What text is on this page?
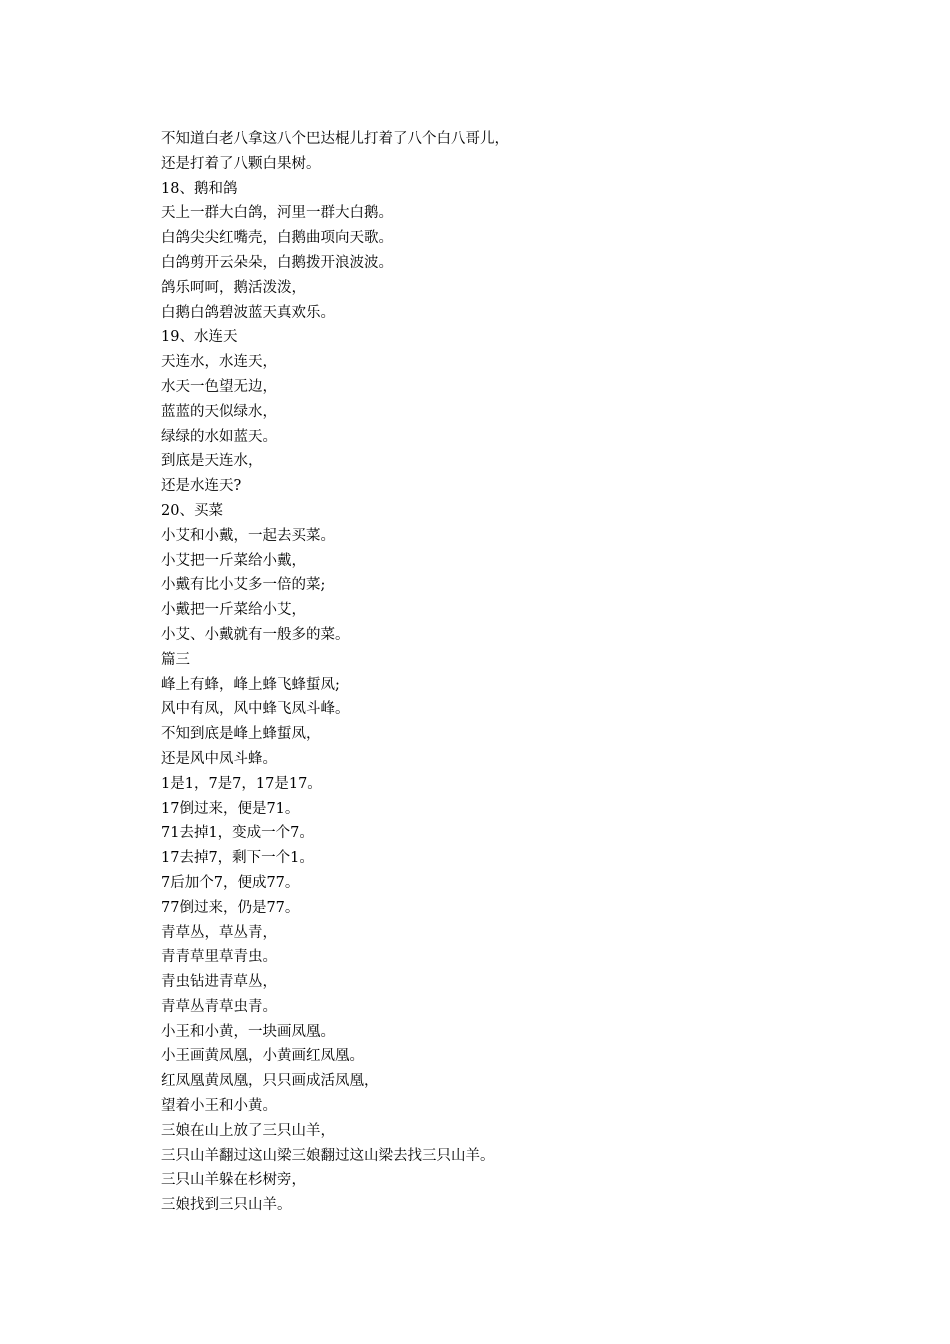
不知道白老八拿这八个巴达棍儿打着了八个白八哥儿，
还是打着了八颗白果树。
18、鹅和鸽
天上一群大白鸽，河里一群大白鹅。
白鸽尖尖红嘴壳，白鹅曲项向天歌。
白鸽剪开云朵朵，白鹅拨开浪波波。
鸽乐呵呵，鹅活泼泼，
白鹅白鸽碧波蓝天真欢乐。
19、水连天
天连水，水连天，
水天一色望无边，
蓝蓝的天似绿水，
绿绿的水如蓝天。
到底是天连水，
还是水连天?
20、买菜
小艾和小戴，一起去买菜。
小艾把一斤菜给小戴，
小戴有比小艾多一倍的菜;
小戴把一斤菜给小艾，
小艾、小戴就有一般多的菜。
篇三
峰上有蜂，峰上蜂飞蜂蜇凤;
风中有凤，风中蜂飞凤斗峰。
不知到底是峰上蜂蜇凤，
还是风中凤斗蜂。
1是1，7是7，17是17。
17倒过来，便是71。
71去掉1，变成一个7。
17去掉7，剩下一个1。
7后加个7，便成77。
77倒过来，仍是77。
青草丛，草丛青，
青青草里草青虫。
青虫钻进青草丛，
青草丛青草虫青。
小王和小黄，一块画凤凰。
小王画黄凤凰，小黄画红凤凰。
红凤凰黄凤凰，只只画成活凤凰，
望着小王和小黄。
三娘在山上放了三只山羊，
三只山羊翻过这山梁三娘翻过这山梁去找三只山羊。
三只山羊躲在杉树旁，
三娘找到三只山羊。
